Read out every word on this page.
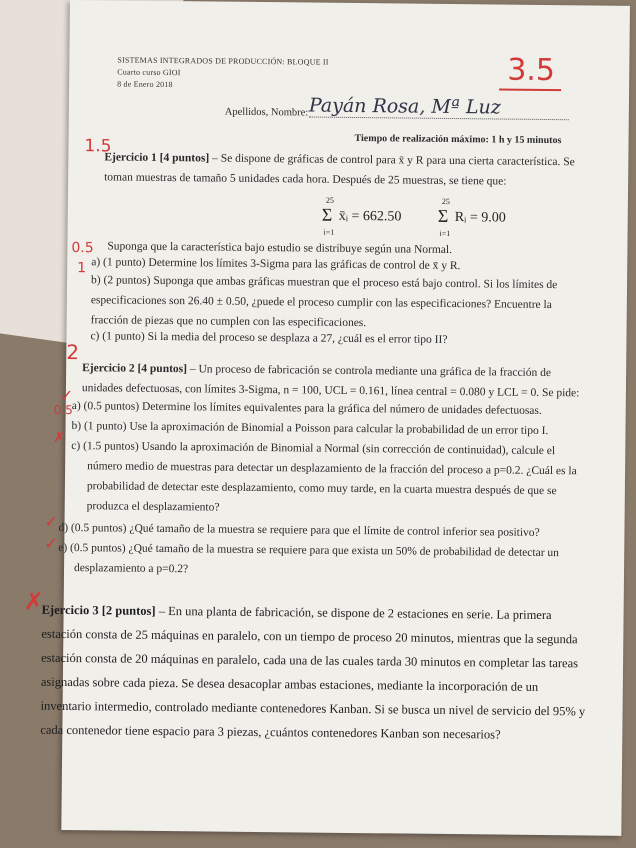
SISTEMAS INTEGRADOS DE PRODUCCIÓN: BLOQUE II
Cuarto curso GIOI
8 de Enero 2018	3.5
Apellidos, Nombre: Payán Rosa, Mª Luz
Tiempo de realización máximo: 1 h y 15 minutos
1.5
Ejercicio 1 [4 puntos] – Se dispone de gráficas de control para x̄ y R para una cierta característica. Se
toman muestras de tamaño 5 unidades cada hora. Después de 25 muestras, se tiene que:
25
Σ
i=1
x̄ᵢ = 662.50
25
Σ
i=1
Rᵢ = 9.00
Suponga que la característica bajo estudio se distribuye según una Normal.
0.5
a) (1 punto) Determine los límites 3-Sigma para las gráficas de control de x̄ y R.
1
b) (2 puntos) Suponga que ambas gráficas muestran que el proceso está bajo control. Si los límites de
especificaciones son 26.40 ± 0.50, ¿puede el proceso cumplir con las especificaciones? Encuentre la
fracción de piezas que no cumplen con las especificaciones.
c) (1 punto) Si la media del proceso se desplaza a 27, ¿cuál es el error tipo II?
2
Ejercicio 2 [4 puntos] – Un proceso de fabricación se controla mediante una gráfica de la fracción de
unidades defectuosas, con límites 3-Sigma, n = 100, UCL = 0.161, línea central = 0.080 y LCL = 0. Se pide:
✓
a) (0.5 puntos) Determine los límites equivalentes para la gráfica del número de unidades defectuosas.
0.5
b) (1 punto) Use la aproximación de Binomial a Poisson para calcular la probabilidad de un error tipo I.
✗
c) (1.5 puntos) Usando la aproximación de Binomial a Normal (sin corrección de continuidad), calcule el
número medio de muestras para detectar un desplazamiento de la fracción del proceso a p=0.2. ¿Cuál es la
probabilidad de detectar este desplazamiento, como muy tarde, en la cuarta muestra después de que se
produzca el desplazamiento?
✓ d) (0.5 puntos) ¿Qué tamaño de la muestra se requiere para que el límite de control inferior sea positivo?
✓ e) (0.5 puntos) ¿Qué tamaño de la muestra se requiere para que exista un 50% de probabilidad de detectar un
desplazamiento a p=0.2?
✗
Ejercicio 3 [2 puntos] – En una planta de fabricación, se dispone de 2 estaciones en serie. La primera
estación consta de 25 máquinas en paralelo, con un tiempo de proceso 20 minutos, mientras que la segunda
estación consta de 20 máquinas en paralelo, cada una de las cuales tarda 30 minutos en completar las tareas
asignadas sobre cada pieza. Se desea desacoplar ambas estaciones, mediante la incorporación de un
inventario intermedio, controlado mediante contenedores Kanban. Si se busca un nivel de servicio del 95% y
cada contenedor tiene espacio para 3 piezas, ¿cuántos contenedores Kanban son necesarios?
